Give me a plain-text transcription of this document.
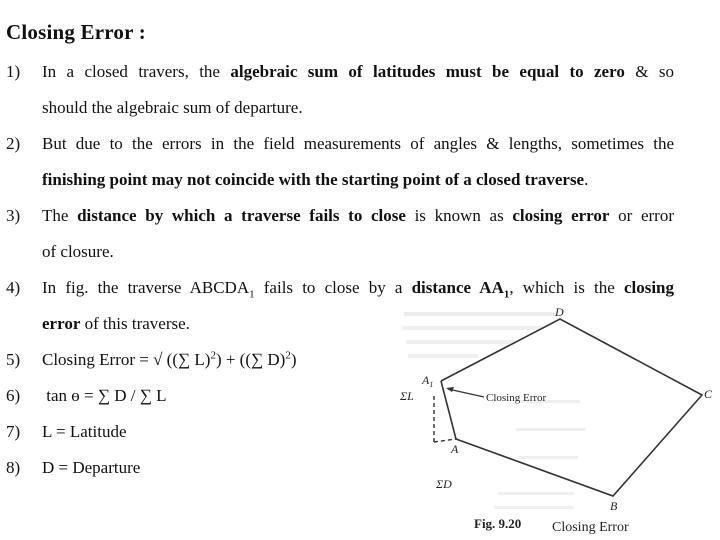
Closing Error :
1) In a closed travers, the algebraic sum of latitudes must be equal to zero & so
should the algebraic sum of departure.
2) But due to the errors in the field measurements of angles & lengths, sometimes the
finishing point may not coincide with the starting point of a closed traverse.
3) The distance by which a traverse fails to close is known as closing error or error
of closure.
4) In fig. the traverse $ABCDA_1$ fails to close by a distance $AA_1$, which is the closing
error of this traverse.
5) Closing Error = √ ((∑ L)$^2$) + ((∑ D)$^2$)
6) tan ɵ = ∑ D / ∑ L
7) L = Latitude
8) D = Departure
D
$A_1$
C
A
B
ΣL
ΣD
Closing Error
Fig. 9.20 Closing Error
